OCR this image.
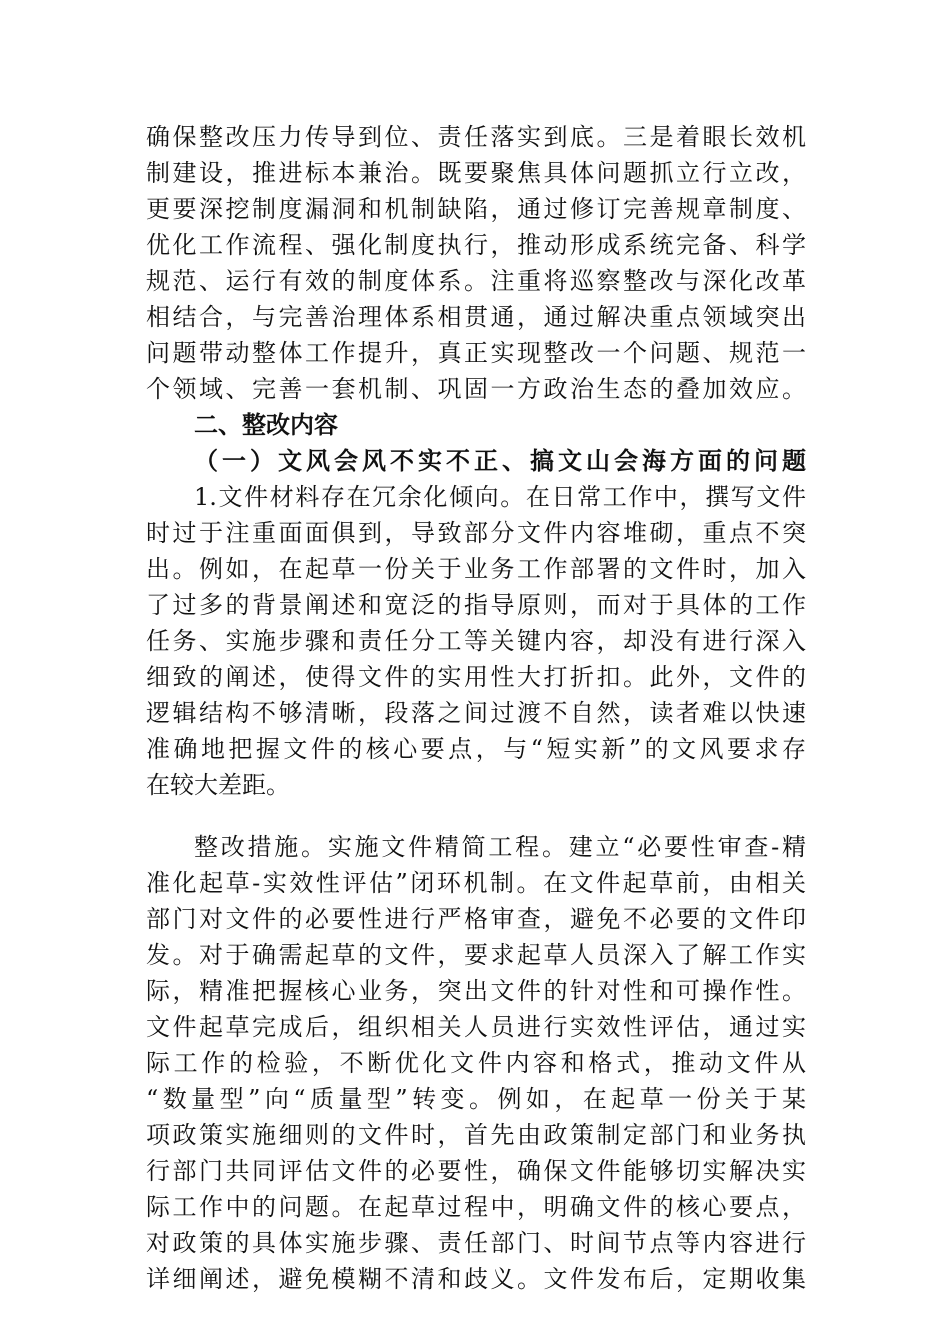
确保整改压力传导到位、责任落实到底。三是着眼长效机
制建设，推进标本兼治。既要聚焦具体问题抓立行立改，
更要深挖制度漏洞和机制缺陷，通过修订完善规章制度、
优化工作流程、强化制度执行，推动形成系统完备、科学
规范、运行有效的制度体系。注重将巡察整改与深化改革
相结合，与完善治理体系相贯通，通过解决重点领域突出
问题带动整体工作提升，真正实现整改一个问题、规范一
个领域、完善一套机制、巩固一方政治生态的叠加效应。
二、整改内容
（一）文风会风不实不正、搞文山会海方面的问题
1.文件材料存在冗余化倾向。在日常工作中，撰写文件
时过于注重面面俱到，导致部分文件内容堆砌，重点不突
出。例如，在起草一份关于业务工作部署的文件时，加入
了过多的背景阐述和宽泛的指导原则，而对于具体的工作
任务、实施步骤和责任分工等关键内容，却没有进行深入
细致的阐述，使得文件的实用性大打折扣。此外，文件的
逻辑结构不够清晰，段落之间过渡不自然，读者难以快速
准确地把握文件的核心要点，与“短实新”的文风要求存
在较大差距。
整改措施。实施文件精简工程。建立“必要性审查-精
准化起草-实效性评估”闭环机制。在文件起草前，由相关
部门对文件的必要性进行严格审查，避免不必要的文件印
发。对于确需起草的文件，要求起草人员深入了解工作实
际，精准把握核心业务，突出文件的针对性和可操作性。
文件起草完成后，组织相关人员进行实效性评估，通过实
际工作的检验，不断优化文件内容和格式，推动文件从
“数量型”向“质量型”转变。例如，在起草一份关于某
项政策实施细则的文件时，首先由政策制定部门和业务执
行部门共同评估文件的必要性，确保文件能够切实解决实
际工作中的问题。在起草过程中，明确文件的核心要点，
对政策的具体实施步骤、责任部门、时间节点等内容进行
详细阐述，避免模糊不清和歧义。文件发布后，定期收集
